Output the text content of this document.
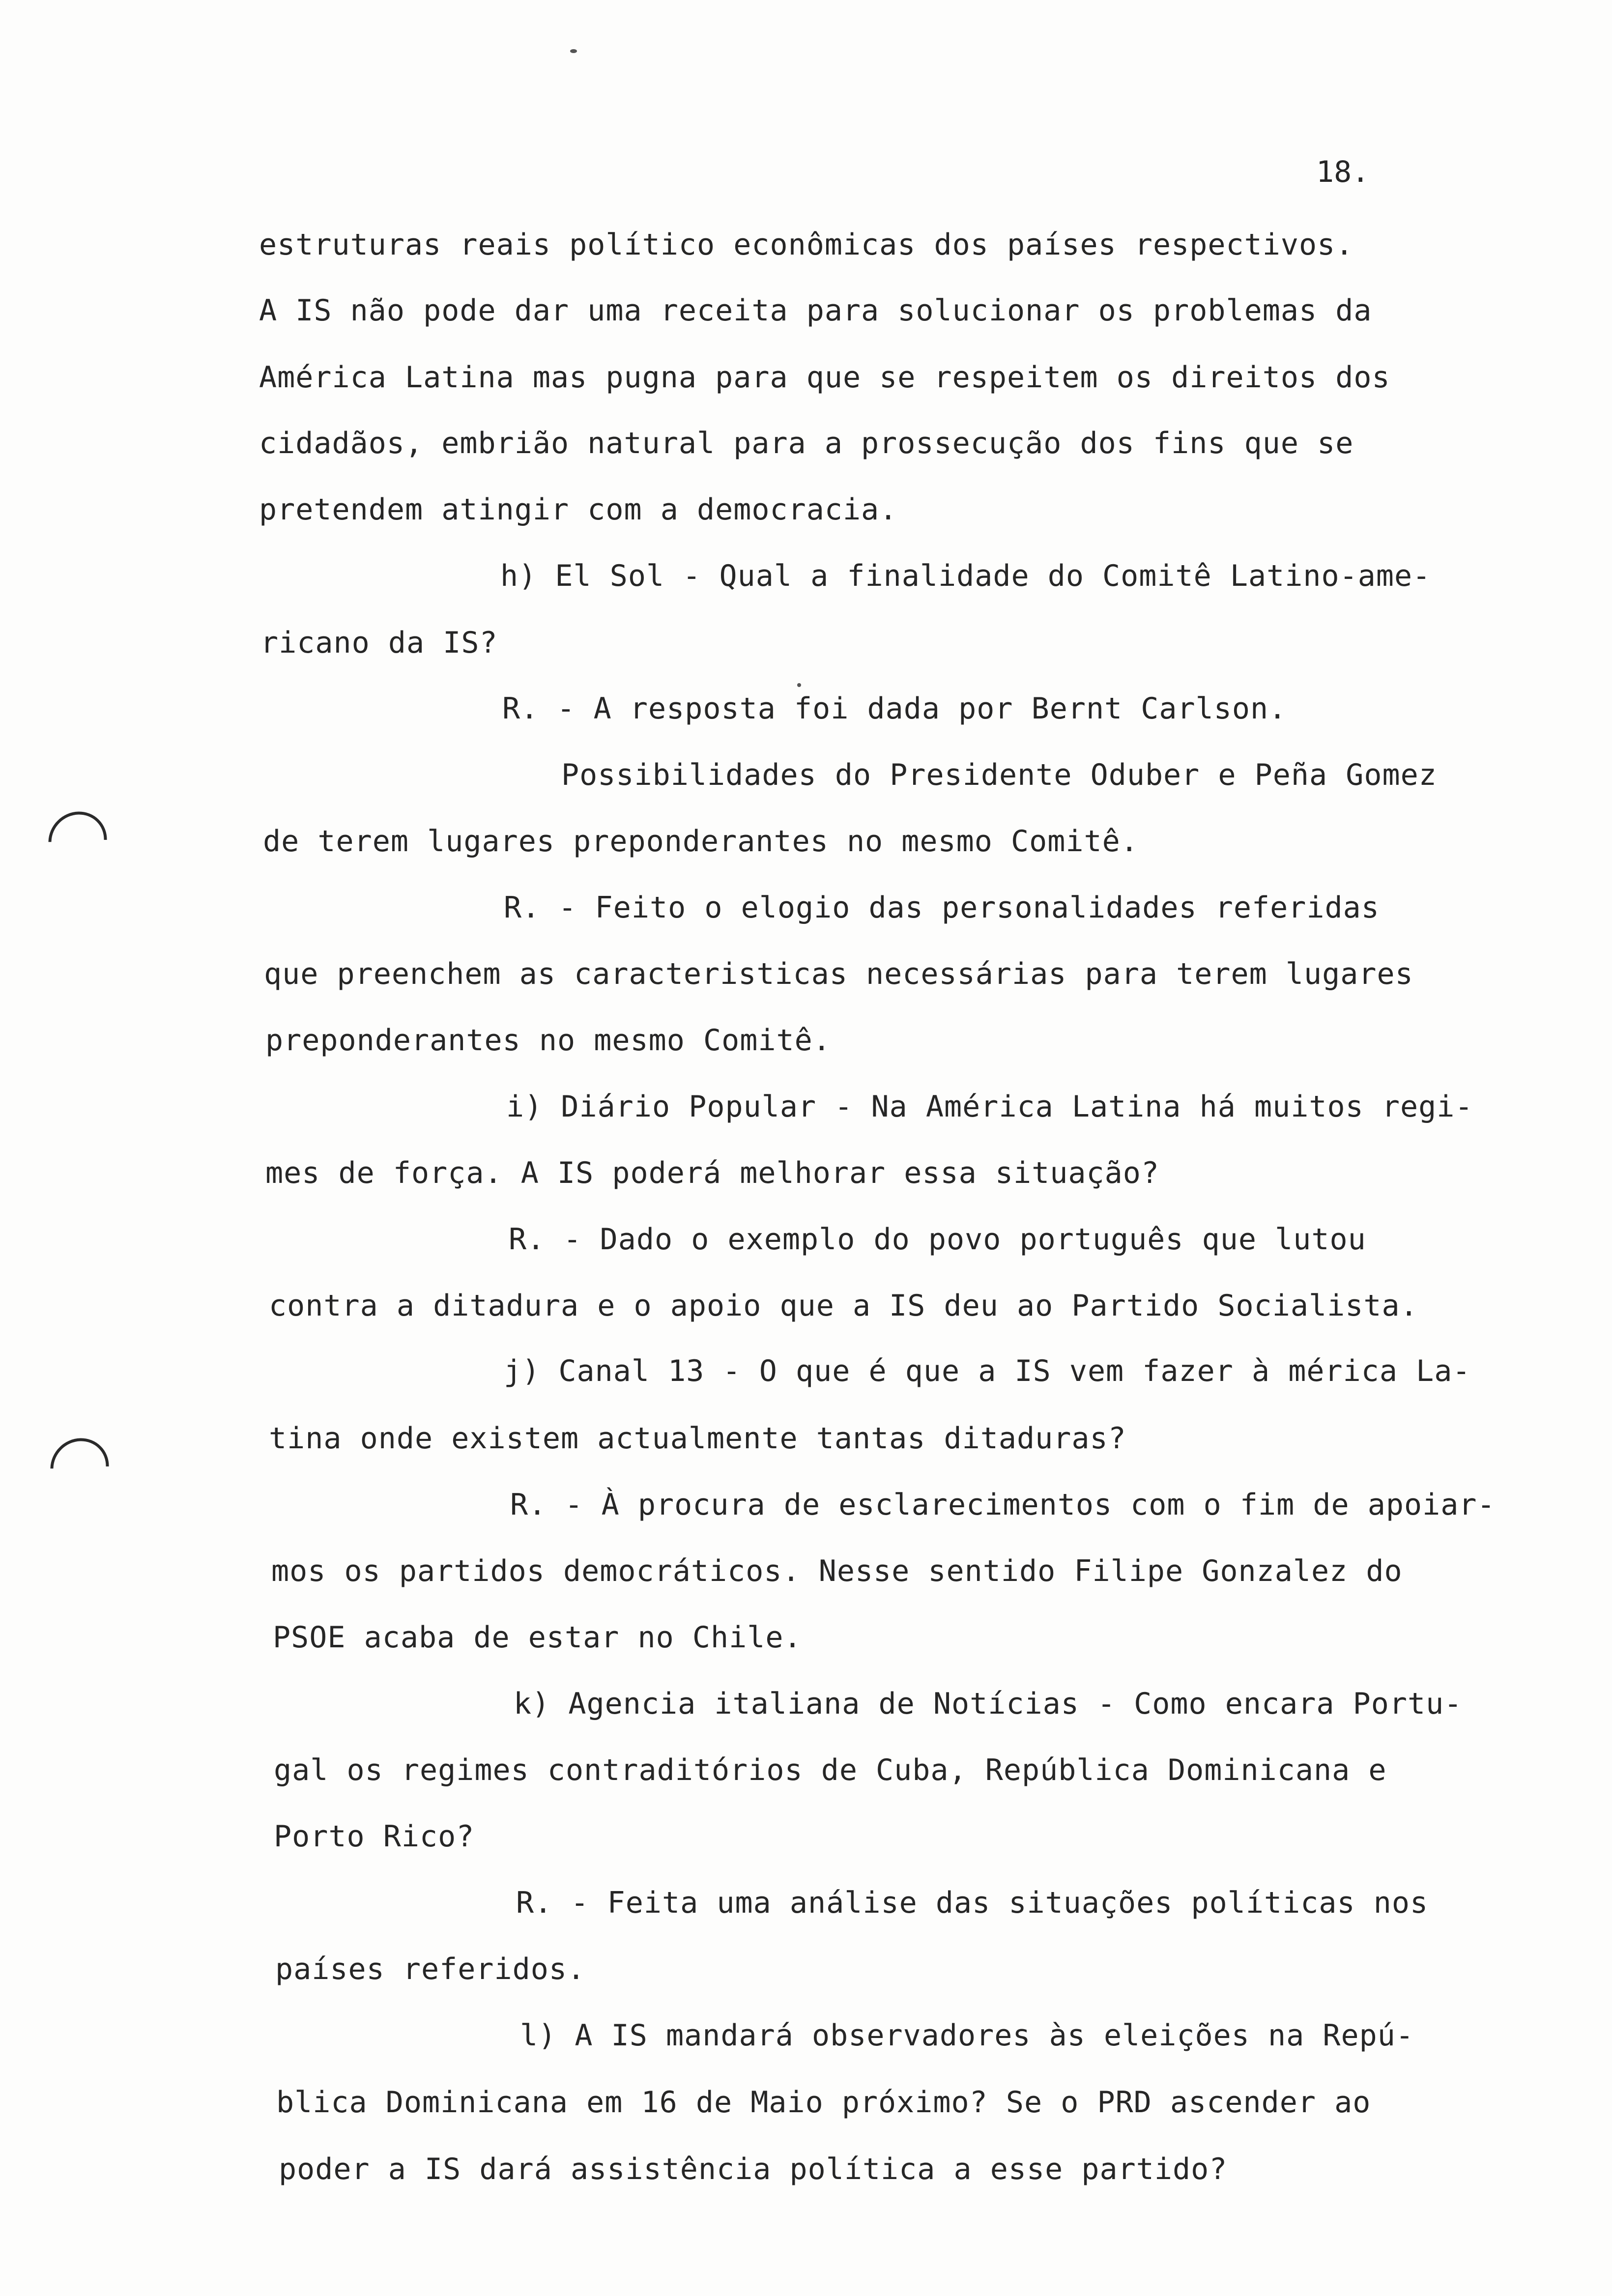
18.
estruturas reais político econômicas dos países respectivos.
A IS não pode dar uma receita para solucionar os problemas da
América Latina mas pugna para que se respeitem os direitos dos
cidadãos, embrião natural para a prossecução dos fins que se
pretendem atingir com a democracia.
h) El Sol - Qual a finalidade do Comitê Latino-ame-
ricano da IS?
R. - A resposta foi dada por Bernt Carlson.
Possibilidades do Presidente Oduber e Peña Gomez
de terem lugares preponderantes no mesmo Comitê.
R. - Feito o elogio das personalidades referidas
que preenchem as caracteristicas necessárias para terem lugares
preponderantes no mesmo Comitê.
i) Diário Popular - Na América Latina há muitos regi-
mes de força. A IS poderá melhorar essa situação?
R. - Dado o exemplo do povo português que lutou
contra a ditadura e o apoio que a IS deu ao Partido Socialista.
j) Canal 13 - O que é que a IS vem fazer à mérica La-
tina onde existem actualmente tantas ditaduras?
R. - À procura de esclarecimentos com o fim de apoiar-
mos os partidos democráticos. Nesse sentido Filipe Gonzalez do
PSOE acaba de estar no Chile.
k) Agencia italiana de Notícias - Como encara Portu-
gal os regimes contraditórios de Cuba, República Dominicana e
Porto Rico?
R. - Feita uma análise das situações políticas nos
países referidos.
l) A IS mandará observadores às eleições na Repú-
blica Dominicana em 16 de Maio próximo? Se o PRD ascender ao
poder a IS dará assistência política a esse partido?
